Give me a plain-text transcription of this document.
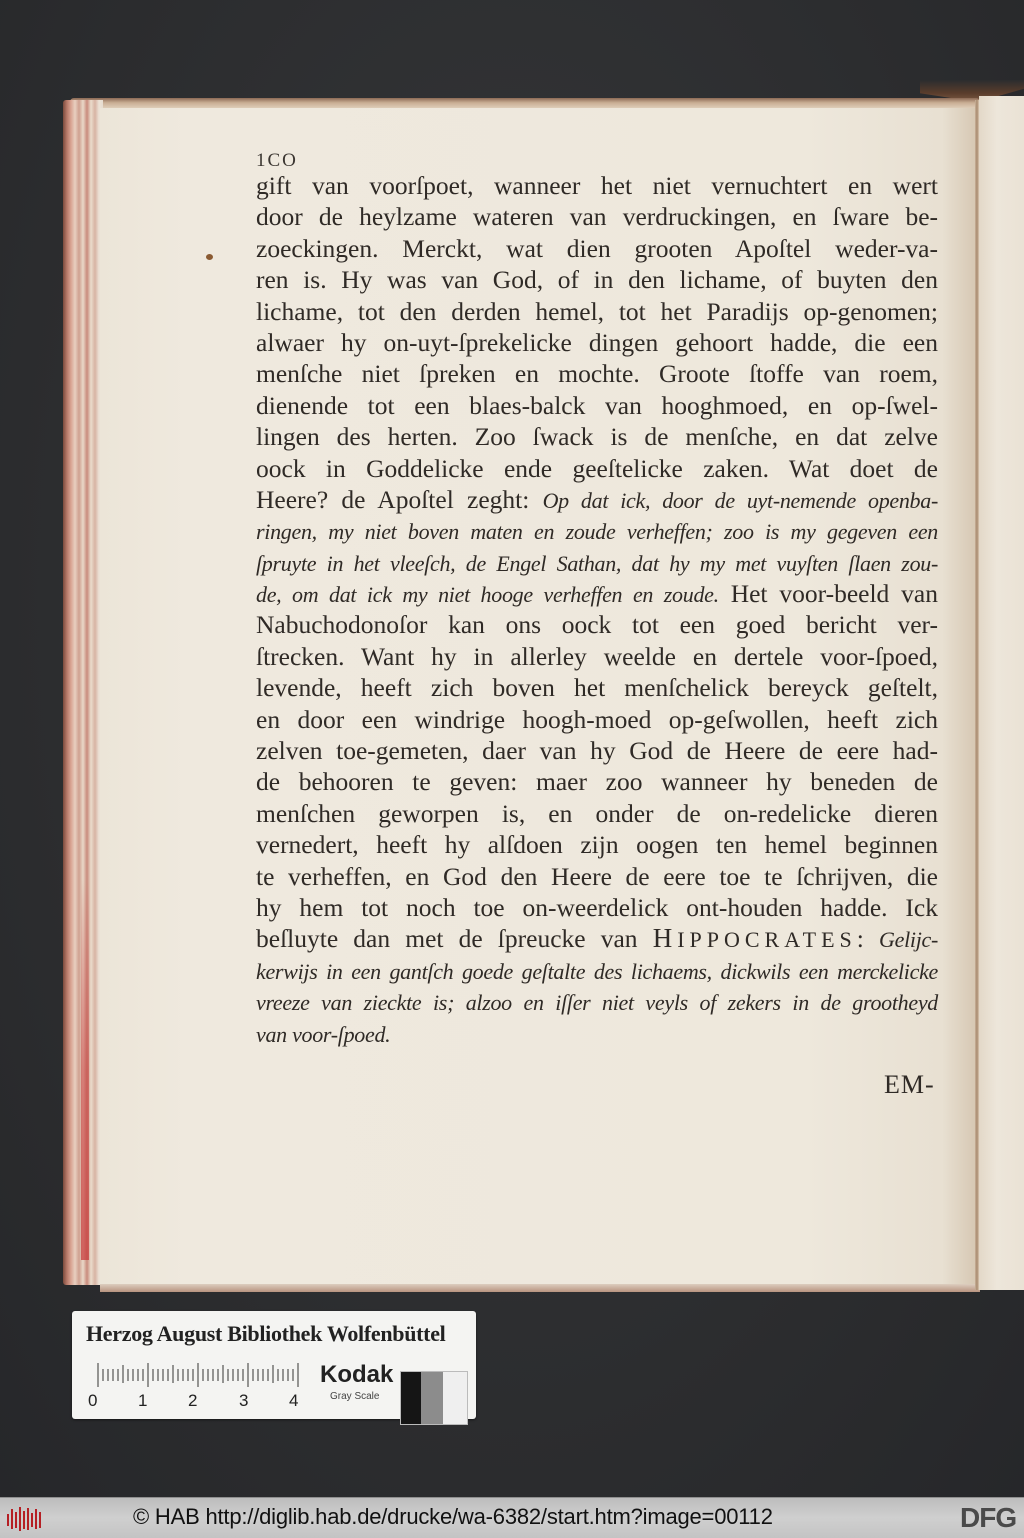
1CO
gift van voorſpoet, wanneer het niet vernuchtert en wert
door de heylzame wateren van verdruckingen, en ſware be-
zoeckingen. Merckt, wat dien grooten Apoſtel weder-va-
ren is. Hy was van God, of in den lichame, of buyten den
lichame, tot den derden hemel, tot het Paradijs op-genomen;
alwaer hy on-uyt-ſprekelicke dingen gehoort hadde, die een
menſche niet ſpreken en mochte. Groote ſtoffe van roem,
dienende tot een blaes-balck van hooghmoed, en op-ſwel-
lingen des herten. Zoo ſwack is de menſche, en dat zelve
oock in Goddelicke ende geeſtelicke zaken. Wat doet de
Heere? de Apoſtel zeght: Op dat ick, door de uyt-nemende openba-
ringen, my niet boven maten en zoude verheffen; zoo is my gegeven een
ſpruyte in het vleeſch, de Engel Sathan, dat hy my met vuyſten ſlaen zou-
de, om dat ick my niet hooge verheffen en zoude. Het voor-beeld van
Nabuchodonoſor kan ons oock tot een goed bericht ver-
ſtrecken. Want hy in allerley weelde en dertele voor-ſpoed,
levende, heeft zich boven het menſchelick bereyck geſtelt,
en door een windrige hoogh-moed op-geſwollen, heeft zich
zelven toe-gemeten, daer van hy God de Heere de eere had-
de behooren te geven: maer zoo wanneer hy beneden de
menſchen geworpen is, en onder de on-redelicke dieren
vernedert, heeft hy alſdoen zijn oogen ten hemel beginnen
te verheffen, en God den Heere de eere toe te ſchrijven, die
hy hem tot noch toe on-weerdelick ont-houden hadde. Ick
beſluyte dan met de ſpreucke van HIPPOCRATES: Gelijc-
kerwijs in een gantſch goede geſtalte des lichaems, dickwils een merckelicke
vreeze van zieckte is; alzoo en iſſer niet veyls of zekers in de grootheyd
van voor-ſpoed.
EM-
Herzog August Bibliothek Wolfenbüttel
0 1 2 3 4
Kodak
Gray Scale
© HAB http://diglib.hab.de/drucke/wa-6382/start.htm?image=00112	DFG
